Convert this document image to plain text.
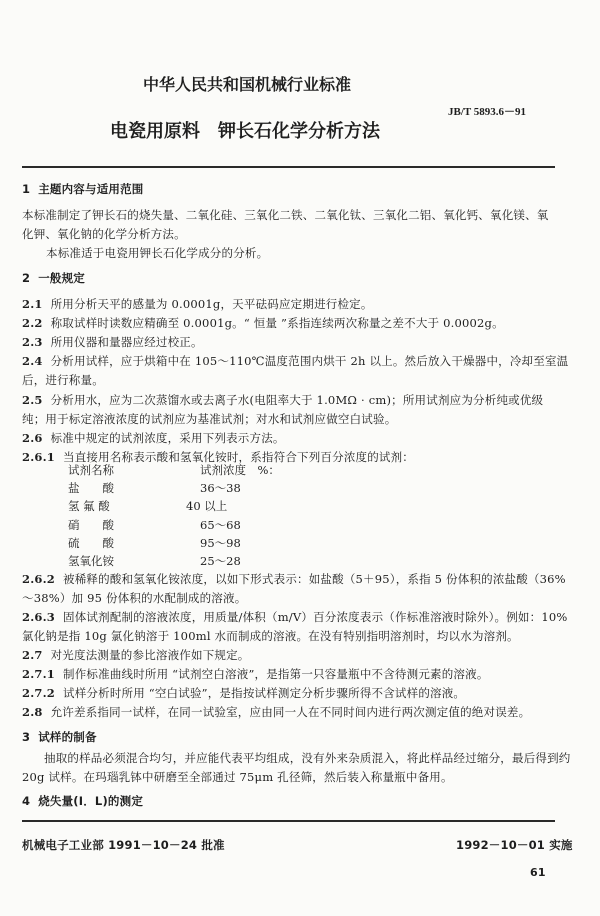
中华人民共和国机械行业标准
JB/T 5893.6－91
电瓷用原料　钾长石化学分析方法
1 主题内容与适用范围
本标准制定了钾长石的烧失量、二氧化硅、三氧化二铁、二氧化钛、三氧化二铝、氧化钙、氧化镁、氧
化钾、氧化钠的化学分析方法。
本标准适于电瓷用钾长石化学成分的分析。
2 一般规定
2.1 所用分析天平的感量为 0.0001g，天平砝码应定期进行检定。
2.2 称取试样时读数应精确至 0.0001g。“ 恒量 ”系指连续两次称量之差不大于 0.0002g。
2.3 所用仪器和量器应经过校正。
2.4 分析用试样，应于烘箱中在 105～110℃温度范围内烘干 2h 以上。然后放入干燥器中，冷却至室温
后，进行称量。
2.5 分析用水，应为二次蒸馏水或去离子水(电阻率大于 1.0MΩ · cm)；所用试剂应为分析纯或优级
纯；用于标定溶液浓度的试剂应为基准试剂；对水和试剂应做空白试验。
2.6 标准中规定的试剂浓度，采用下列表示方法。
2.6.1 当直接用名称表示酸和氢氧化铵时，系指符合下列百分浓度的试剂：
试剂名称	试剂浓度　%：
盐　　酸	36～38
氢 氟 酸	40 以上
硝　　酸	65～68
硫　　酸	95～98
氢氧化铵	25～28
2.6.2 被稀释的酸和氢氧化铵浓度，以如下形式表示：如盐酸（5＋95），系指 5 份体积的浓盐酸（36%
～38%）加 95 份体积的水配制成的溶液。
2.6.3 固体试剂配制的溶液浓度，用质量/体积（m/V）百分浓度表示（作标准溶液时除外）。例如：10%
氯化钠是指 10g 氯化钠溶于 100ml 水而制成的溶液。在没有特别指明溶剂时，均以水为溶剂。
2.7 对光度法测量的参比溶液作如下规定。
2.7.1 制作标准曲线时所用 “试剂空白溶液”，是指第一只容量瓶中不含待测元素的溶液。
2.7.2 试样分析时所用 “空白试验”，是指按试样测定分析步骤所得不含试样的溶液。
2.8 允许差系指同一试样，在同一试验室，应由同一人在不同时间内进行两次测定值的绝对误差。
3 试样的制备
抽取的样品必须混合均匀，并应能代表平均组成，没有外来杂质混入，将此样品经过缩分，最后得到约
20g 试样。在玛瑙乳钵中研磨至全部通过 75μm 孔径筛，然后装入称量瓶中备用。
4 烧失量(I．L)的测定
机械电子工业部 1991－10－24 批准	1992－10－01 实施
61
